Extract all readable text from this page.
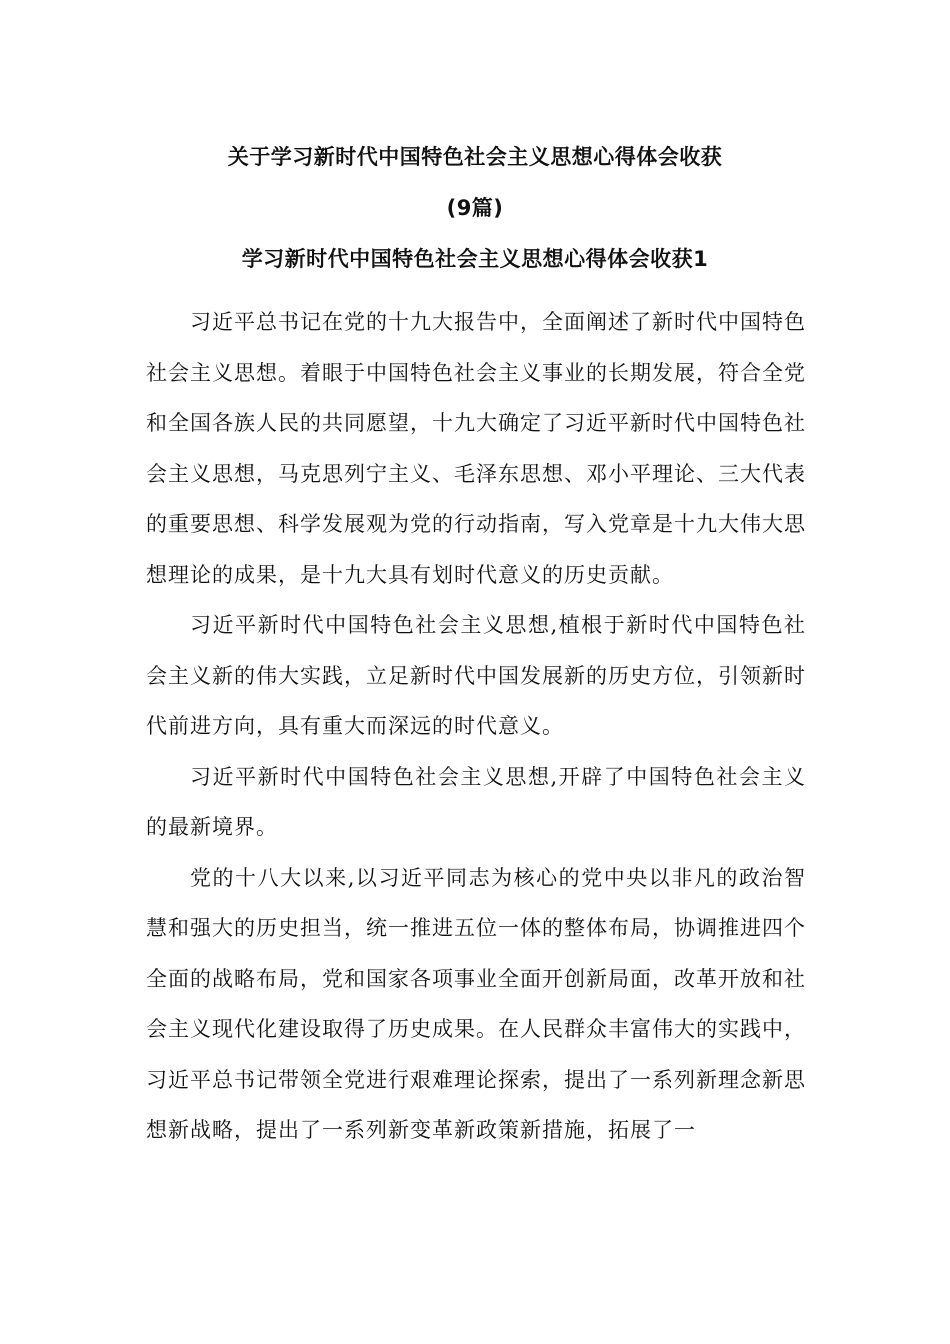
关于学习新时代中国特色社会主义思想心得体会收获
(9篇)
学习新时代中国特色社会主义思想心得体会收获1

习近平总书记在党的十九大报告中，全面阐述了新时代中国特色社会主义思想。着眼于中国特色社会主义事业的长期发展，符合全党和全国各族人民的共同愿望，十九大确定了习近平新时代中国特色社会主义思想，马克思列宁主义、毛泽东思想、邓小平理论、三大代表的重要思想、科学发展观为党的行动指南，写入党章是十九大伟大思想理论的成果，是十九大具有划时代意义的历史贡献。

习近平新时代中国特色社会主义思想,植根于新时代中国特色社会主义新的伟大实践，立足新时代中国发展新的历史方位，引领新时代前进方向，具有重大而深远的时代意义。

习近平新时代中国特色社会主义思想,开辟了中国特色社会主义的最新境界。

党的十八大以来,以习近平同志为核心的党中央以非凡的政治智慧和强大的历史担当，统一推进五位一体的整体布局，协调推进四个全面的战略布局，党和国家各项事业全面开创新局面，改革开放和社会主义现代化建设取得了历史成果。在人民群众丰富伟大的实践中，习近平总书记带领全党进行艰难理论探索，提出了一系列新理念新思想新战略，提出了一系列新变革新政策新措施，拓展了一
